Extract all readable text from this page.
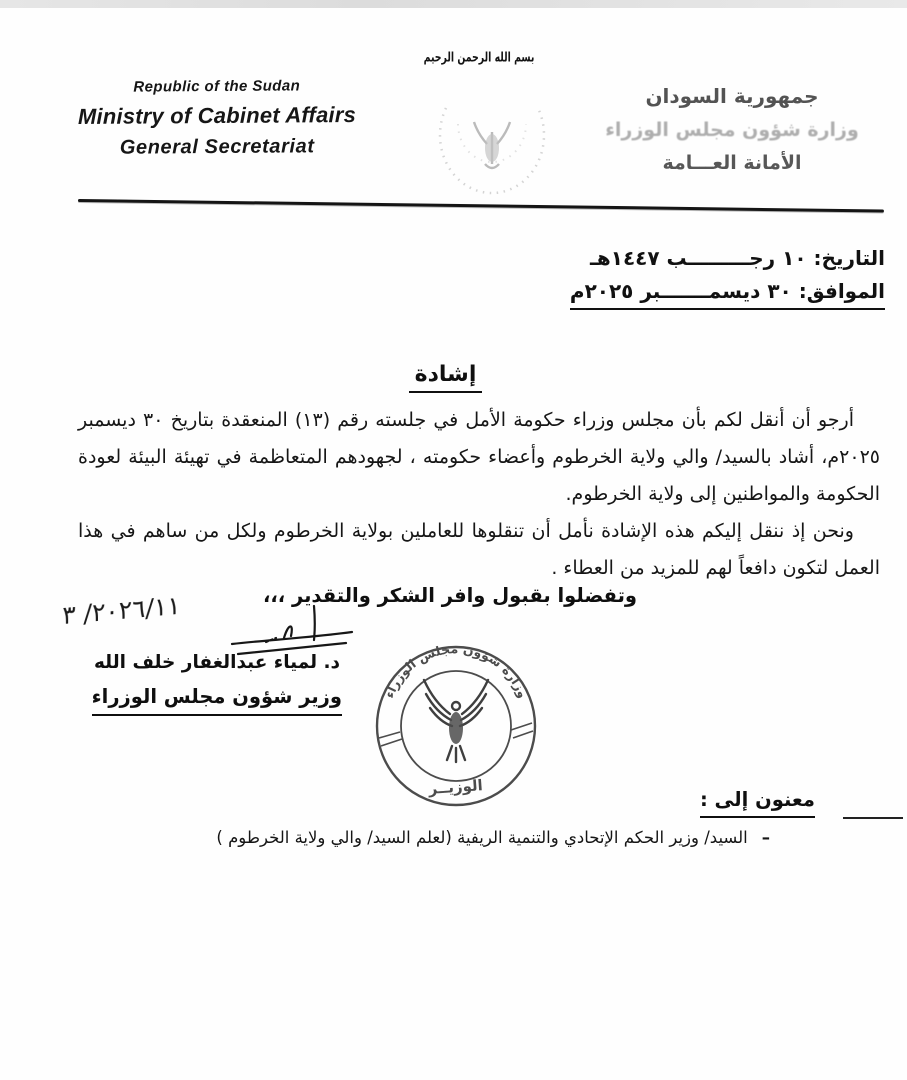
Republic of the Sudan
Ministry of Cabinet Affairs
General Secretariat
بسم الله الرحمن الرحيم
جمهورية السودان
وزارة شؤون مجلس الوزراء
الأمانة العـــامة
التاريخ: ١٠ رجـــــــــب ١٤٤٧هـ
الموافق: ٣٠ ديسمـــــــبر ٢٠٢٥م
إشادة

أرجو أن أنقل لكم بأن مجلس وزراء حكومة الأمل في جلسته رقم (١٣) المنعقدة بتاريخ ٣٠ ديسمبر ٢٠٢٥م، أشاد بالسيد/ والي ولاية الخرطوم وأعضاء حكومته ، لجهودهم المتعاظمة في تهيئة البيئة لعودة الحكومة والمواطنين إلى ولاية الخرطوم.

ونحن إذ ننقل إليكم هذه الإشادة نأمل أن تنقلوها للعاملين بولاية الخرطوم ولكل من ساهم في هذا العمل لتكون دافعاً لهم للمزيد من العطاء .

وتفضلوا بقبول وافر الشكر والتقدير ،،،
٢٠٢٦/١١/ ٣
د. لمياء عبدالغفار خلف الله
وزير شؤون مجلس الوزراء	وزارة شؤون مجلس الوزراء
الوزيــر
معنون إلى :
–السيد/ وزير الحكم الإتحادي والتنمية الريفية (لعلم السيد/ والي ولاية الخرطوم )
